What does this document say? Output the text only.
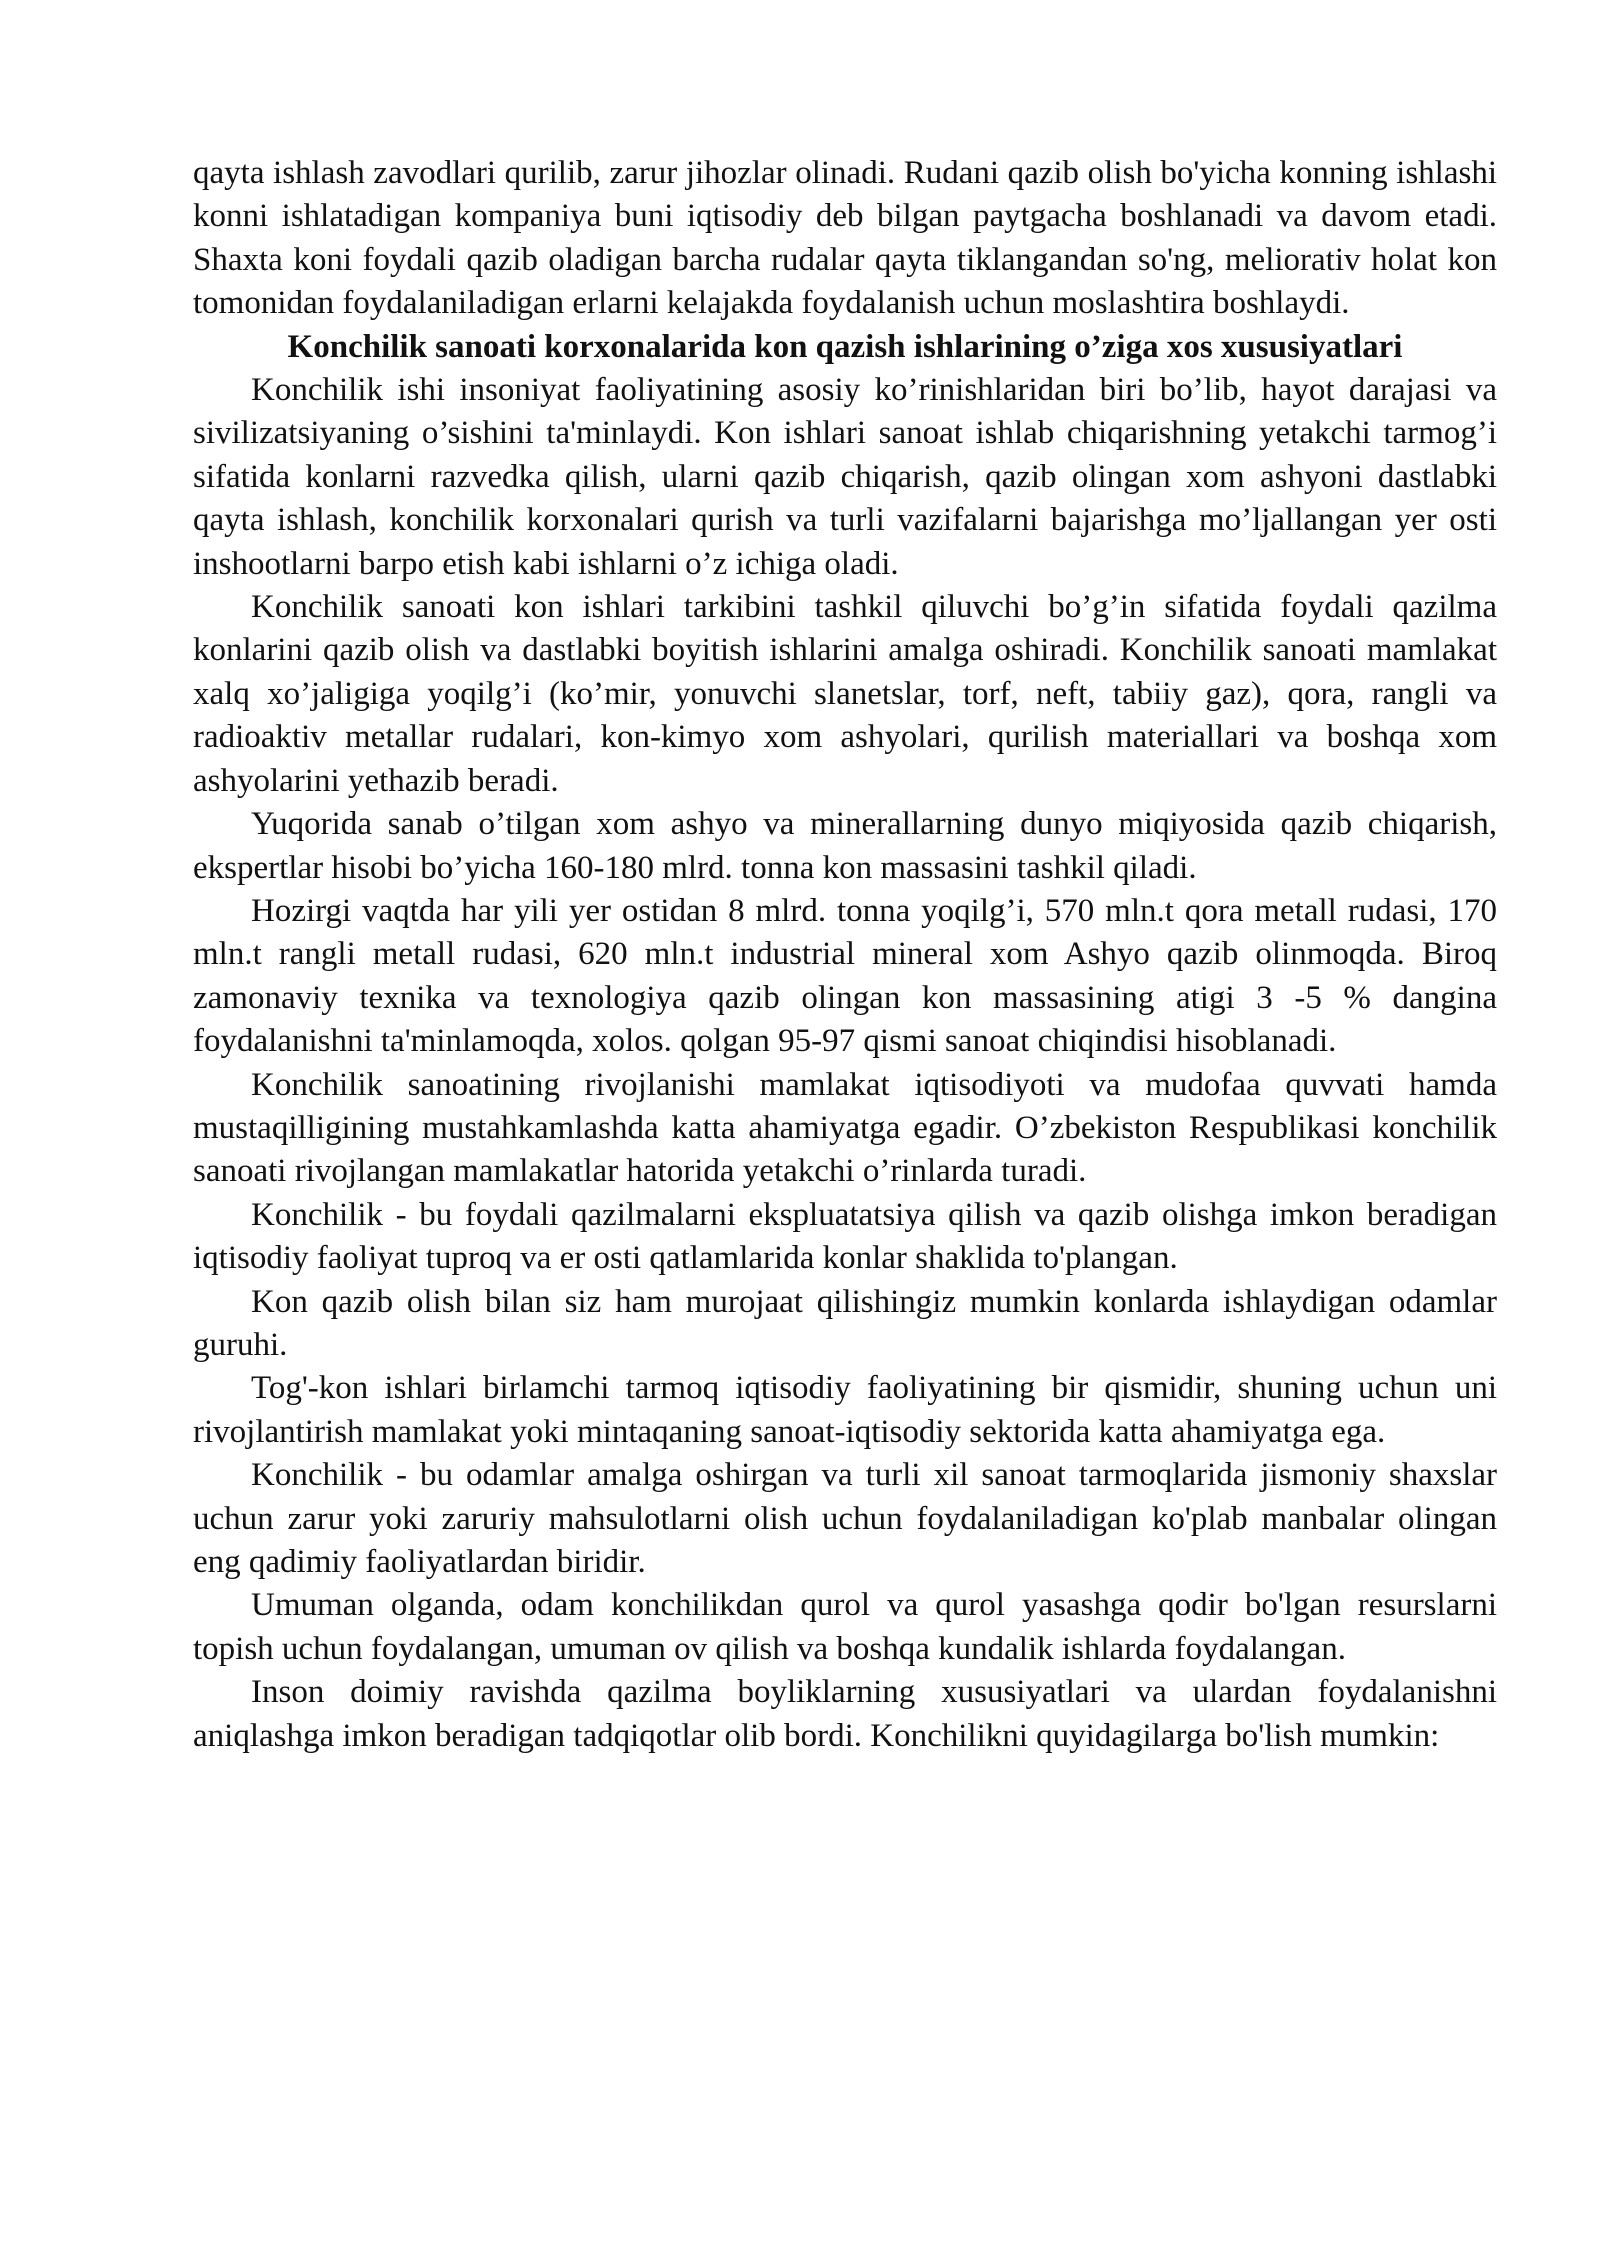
qayta ishlash zavodlari qurilib, zarur jihozlar olinadi. Rudani qazib olish bo'yicha konning ishlashi konni ishlatadigan kompaniya buni iqtisodiy deb bilgan paytgacha boshlanadi va davom etadi. Shaxta koni foydali qazib oladigan barcha rudalar qayta tiklangandan so'ng, meliorativ holat kon tomonidan foydalaniladigan erlarni kelajakda foydalanish uchun moslashtira boshlaydi.

Konchilik sanoati korxonalarida kon qazish ishlarining o’ziga xos xususiyatlari

Konchilik ishi insoniyat faoliyatining asosiy ko’rinishlaridan biri bo’lib, hayot darajasi va sivilizatsiyaning o’sishini ta'minlaydi. Kon ishlari sanoat ishlab chiqarishning yetakchi tarmog’i sifatida konlarni razvedka qilish, ularni qazib chiqarish, qazib olingan xom ashyoni dastlabki qayta ishlash, konchilik korxonalari qurish va turli vazifalarni bajarishga mo’ljallangan yer osti inshootlarni barpo etish kabi ishlarni o’z ichiga oladi.

Konchilik sanoati kon ishlari tarkibini tashkil qiluvchi bo’g’in sifatida foydali qazilma konlarini qazib olish va dastlabki boyitish ishlarini amalga oshiradi. Konchilik sanoati mamlakat xalq xo’jaligiga yoqilg’i (ko’mir, yonuvchi slanetslar, torf, neft, tabiiy gaz), qora, rangli va radioaktiv metallar rudalari, kon-kimyo xom ashyolari, qurilish materiallari va boshqa xom ashyolarini yethazib beradi.

Yuqorida sanab o’tilgan xom ashyo va minerallarning dunyo miqiyosida qazib chiqarish, ekspertlar hisobi bo’yicha 160-180 mlrd. tonna kon massasini tashkil qiladi.

Hozirgi vaqtda har yili yer ostidan 8 mlrd. tonna yoqilg’i, 570 mln.t qora metall rudasi, 170 mln.t rangli metall rudasi, 620 mln.t industrial mineral xom Ashyo qazib olinmoqda. Biroq zamonaviy texnika va texnologiya qazib olingan kon massasining atigi 3 -5 % dangina foydalanishni ta'minlamoqda, xolos. qolgan 95-97 qismi sanoat chiqindisi hisoblanadi.

Konchilik sanoatining rivojlanishi mamlakat iqtisodiyoti va mudofaa quvvati hamda mustaqilligining mustahkamlashda katta ahamiyatga egadir. O’zbekiston Respublikasi konchilik sanoati rivojlangan mamlakatlar hatorida yetakchi o’rinlarda turadi.

Konchilik - bu foydali qazilmalarni ekspluatatsiya qilish va qazib olishga imkon beradigan iqtisodiy faoliyat tuproq va er osti qatlamlarida konlar shaklida to'plangan.

Kon qazib olish bilan siz ham murojaat qilishingiz mumkin konlarda ishlaydigan odamlar guruhi.

Tog'-kon ishlari birlamchi tarmoq iqtisodiy faoliyatining bir qismidir, shuning uchun uni rivojlantirish mamlakat yoki mintaqaning sanoat-iqtisodiy sektorida katta ahamiyatga ega.

Konchilik - bu odamlar amalga oshirgan va turli xil sanoat tarmoqlarida jismoniy shaxslar uchun zarur yoki zaruriy mahsulotlarni olish uchun foydalaniladigan ko'plab manbalar olingan eng qadimiy faoliyatlardan biridir.

Umuman olganda, odam konchilikdan qurol va qurol yasashga qodir bo'lgan resurslarni topish uchun foydalangan, umuman ov qilish va boshqa kundalik ishlarda foydalangan.

Inson doimiy ravishda qazilma boyliklarning xususiyatlari va ulardan foydalanishni aniqlashga imkon beradigan tadqiqotlar olib bordi. Konchilikni quyidagilarga bo'lish mumkin:
